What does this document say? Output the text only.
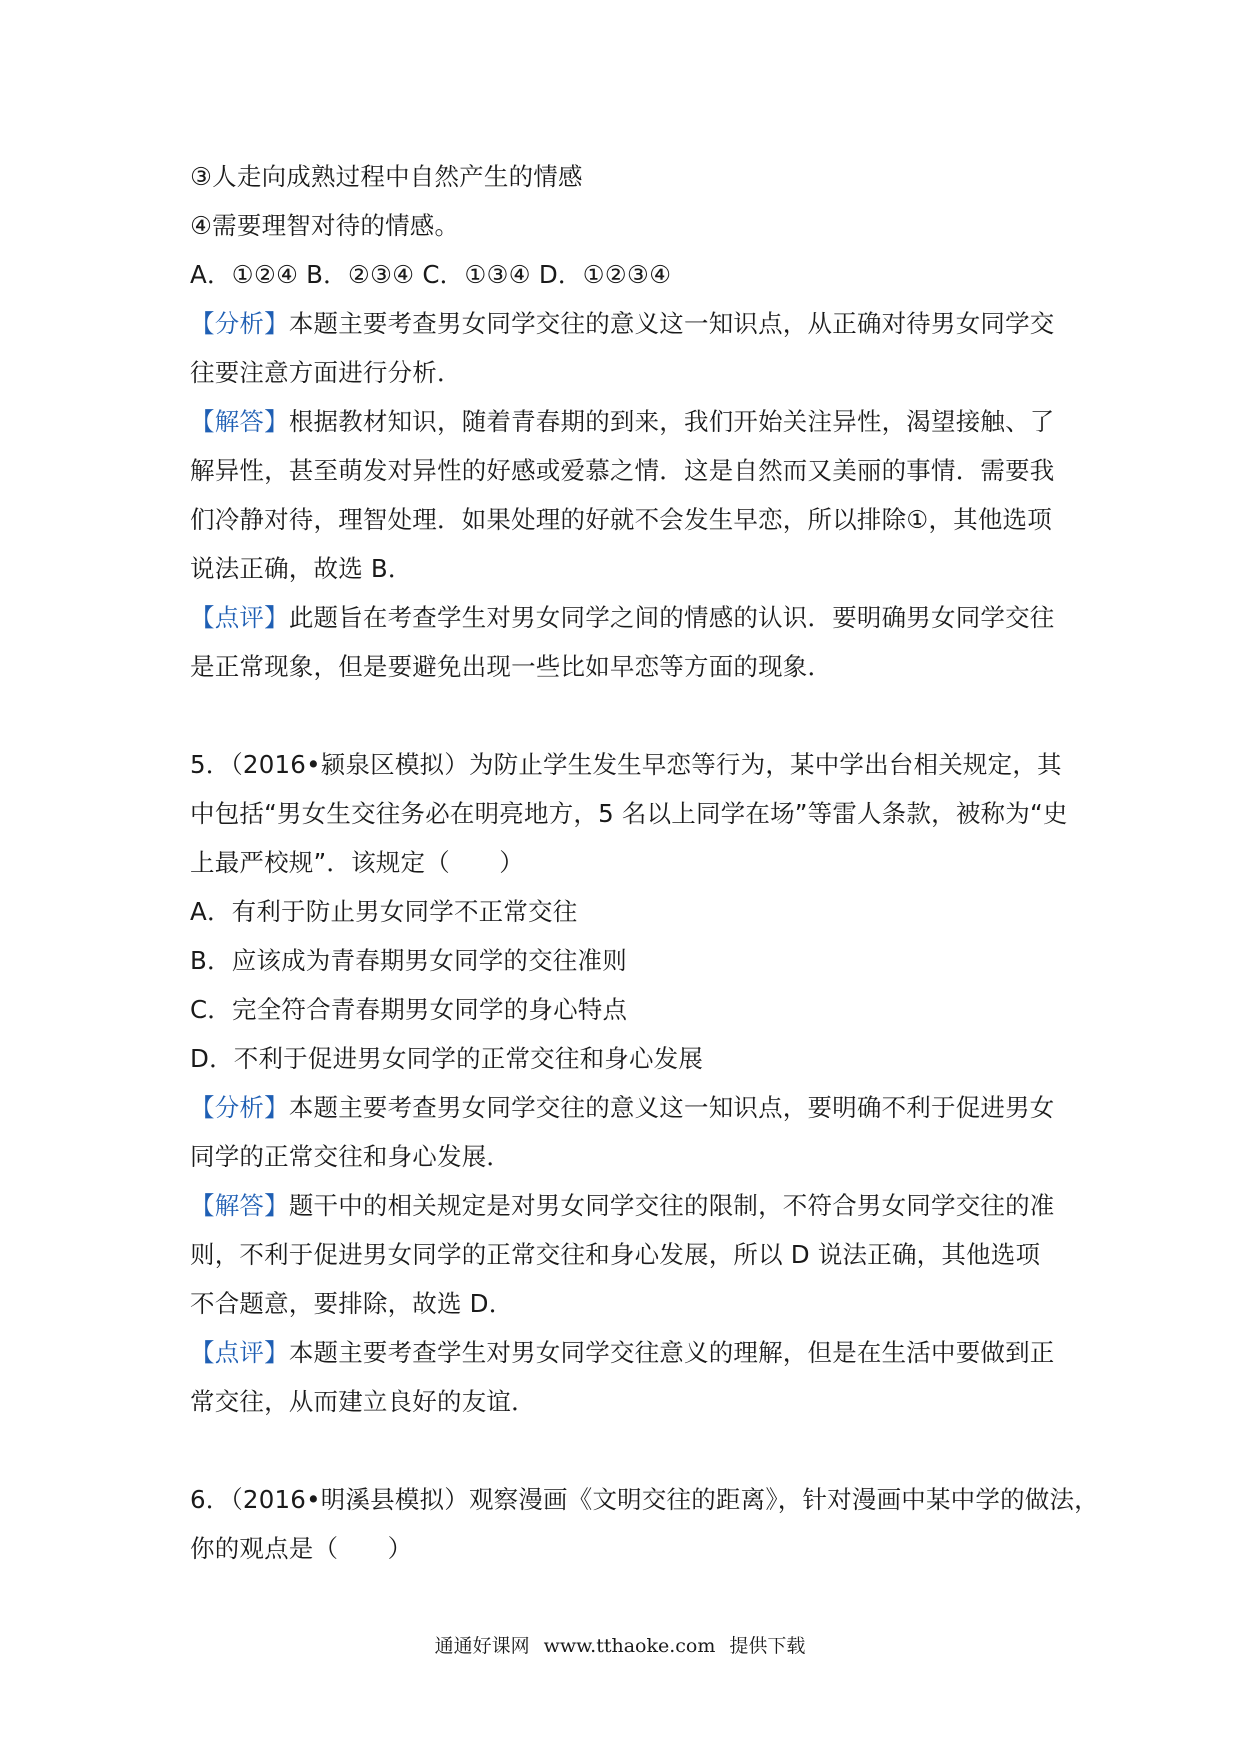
③人走向成熟过程中自然产生的情感
④需要理智对待的情感。
A．①②④ B．②③④ C．①③④ D．①②③④
【分析】本题主要考查男女同学交往的意义这一知识点，从正确对待男女同学交
往要注意方面进行分析．
【解答】根据教材知识，随着青春期的到来，我们开始关注异性，渴望接触、了
解异性，甚至萌发对异性的好感或爱慕之情．这是自然而又美丽的事情．需要我
们冷静对待，理智处理．如果处理的好就不会发生早恋，所以排除①，其他选项
说法正确，故选 B．
【点评】此题旨在考查学生对男女同学之间的情感的认识．要明确男女同学交往
是正常现象，但是要避免出现一些比如早恋等方面的现象．
5．（2016•颍泉区模拟）为防止学生发生早恋等行为，某中学出台相关规定，其
中包括“男女生交往务必在明亮地方，5 名以上同学在场”等雷人条款，被称为“史
上最严校规”．该规定（　　）
A．有利于防止男女同学不正常交往
B．应该成为青春期男女同学的交往准则
C．完全符合青春期男女同学的身心特点
D．不利于促进男女同学的正常交往和身心发展
【分析】本题主要考查男女同学交往的意义这一知识点，要明确不利于促进男女
同学的正常交往和身心发展．
【解答】题干中的相关规定是对男女同学交往的限制，不符合男女同学交往的准
则，不利于促进男女同学的正常交往和身心发展，所以 D 说法正确，其他选项
不合题意，要排除，故选 D．
【点评】本题主要考查学生对男女同学交往意义的理解，但是在生活中要做到正
常交往，从而建立良好的友谊．
6．（2016•明溪县模拟）观察漫画《文明交往的距离》，针对漫画中某中学的做法，
你的观点是（　　）
通通好课网 www.tthaoke.com 提供下载
